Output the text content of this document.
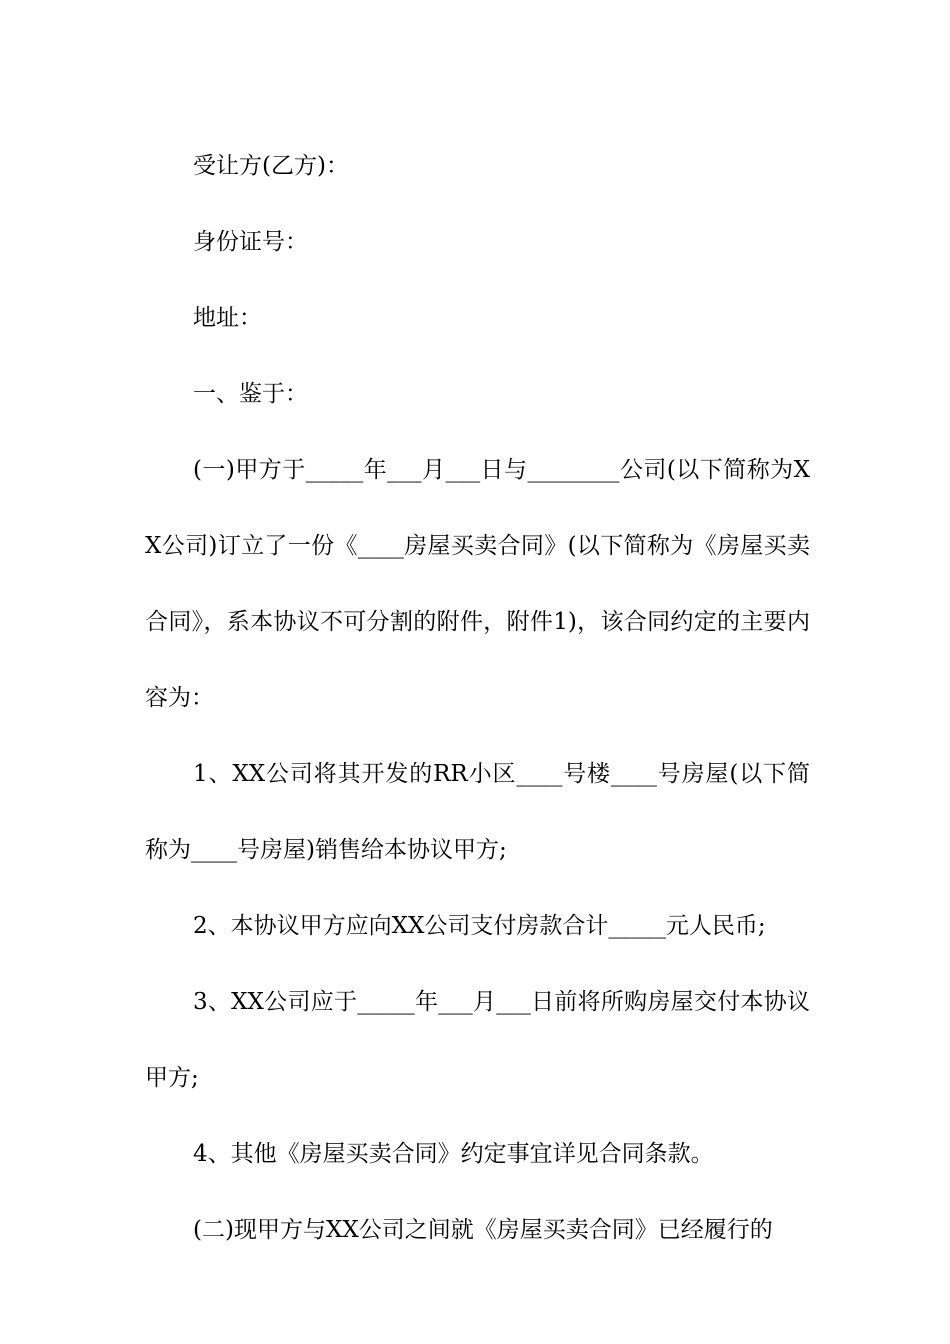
受让方(乙方)：

身份证号：

地址：

一、鉴于：

(一)甲方于_____年___月___日与________公司(以下简称为XX公司)订立了一份《____房屋买卖合同》(以下简称为《房屋买卖合同》，系本协议不可分割的附件，附件1)，该合同约定的主要内容为：

1、XX公司将其开发的RR小区____号楼____号房屋(以下简称为____号房屋)销售给本协议甲方;

2、本协议甲方应向XX公司支付房款合计_____元人民币;

3、XX公司应于_____年___月___日前将所购房屋交付本协议甲方;

4、其他《房屋买卖合同》约定事宜详见合同条款。

(二)现甲方与XX公司之间就《房屋买卖合同》已经履行的
